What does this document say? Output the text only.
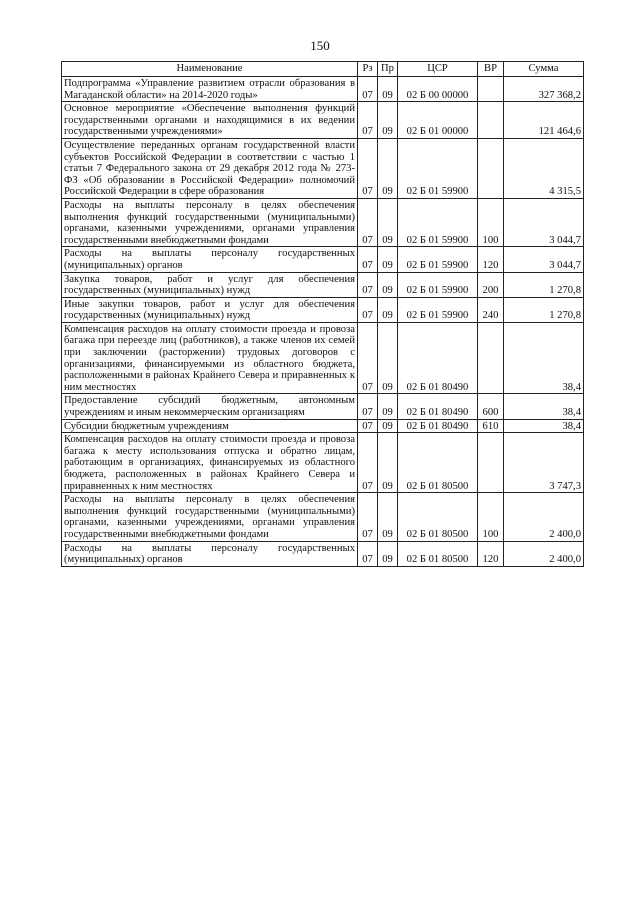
150
Наименование	Рз	Пр	ЦСР	ВР	Сумма
Подпрограмма «Управление развитием отрасли образования в Магаданской области» на 2014-2020 годы»	07	09	02 Б 00 00000		327 368,2
Основное мероприятие «Обеспечение выполнения функций государственными органами и находящимися в их ведении государственными учреждениями»	07	09	02 Б 01 00000		121 464,6
Осуществление переданных органам государственной власти субъектов Российской Федерации в соответствии с частью 1 статьи 7 Федерального закона от 29 декабря 2012 года № 273-ФЗ «Об образовании в Российской Федерации» полномочий Российской Федерации в сфере образования	07	09	02 Б 01 59900		4 315,5
Расходы на выплаты персоналу в целях обеспечения выполнения функций государственными (муниципальными) органами, казенными учреждениями, органами управления государственными внебюджетными фондами	07	09	02 Б 01 59900	100	3 044,7
Расходы на выплаты персоналу государственных (муниципальных) органов	07	09	02 Б 01 59900	120	3 044,7
Закупка товаров, работ и услуг для обеспечения государственных (муниципальных) нужд	07	09	02 Б 01 59900	200	1 270,8
Иные закупки товаров, работ и услуг для обеспечения государственных (муниципальных) нужд	07	09	02 Б 01 59900	240	1 270,8
Компенсация расходов на оплату стоимости проезда и провоза багажа при переезде лиц (работников), а также членов их семей при заключении (расторжении) трудовых договоров с организациями, финансируемыми из областного бюджета, расположенными в районах Крайнего Севера и приравненных к ним местностях	07	09	02 Б 01 80490		38,4
Предоставление субсидий бюджетным, автономным учреждениям и иным некоммерческим организациям	07	09	02 Б 01 80490	600	38,4
Субсидии бюджетным учреждениям	07	09	02 Б 01 80490	610	38,4
Компенсация расходов на оплату стоимости проезда и провоза багажа к месту использования отпуска и обратно лицам, работающим в организациях, финансируемых из областного бюджета, расположенных в районах Крайнего Севера и приравненных к ним местностях	07	09	02 Б 01 80500		3 747,3
Расходы на выплаты персоналу в целях обеспечения выполнения функций государственными (муниципальными) органами, казенными учреждениями, органами управления государственными внебюджетными фондами	07	09	02 Б 01 80500	100	2 400,0
Расходы на выплаты персоналу государственных (муниципальных) органов	07	09	02 Б 01 80500	120	2 400,0
